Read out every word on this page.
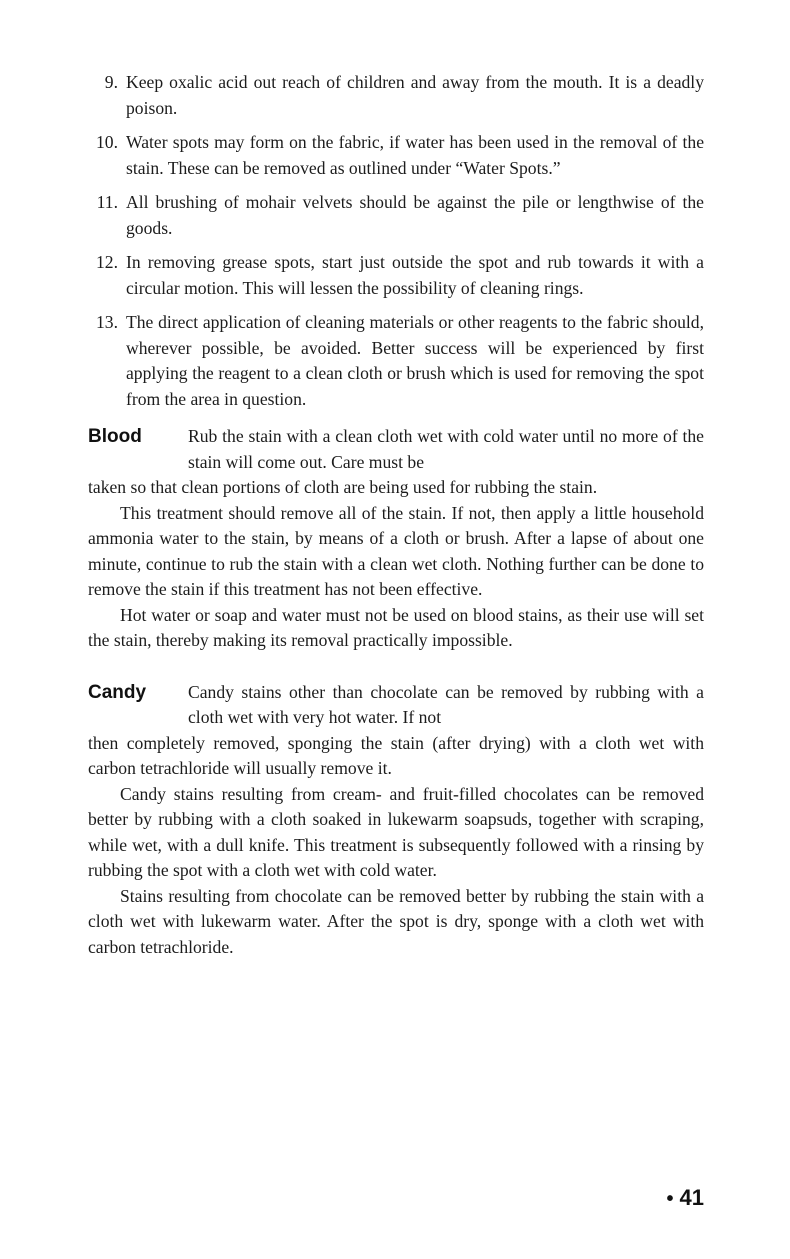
9. Keep oxalic acid out reach of children and away from the mouth. It is a deadly poison.
10. Water spots may form on the fabric, if water has been used in the removal of the stain. These can be removed as outlined under “Water Spots.”
11. All brushing of mohair velvets should be against the pile or lengthwise of the goods.
12. In removing grease spots, start just outside the spot and rub towards it with a circular motion. This will lessen the possibility of cleaning rings.
13. The direct application of cleaning materials or other reagents to the fabric should, wherever possible, be avoided. Better success will be experienced by first applying the reagent to a clean cloth or brush which is used for removing the spot from the area in question.
Blood	Rub the stain with a clean cloth wet with cold water until no more of the stain will come out. Care must be

taken so that clean portions of cloth are being used for rubbing the stain.

This treatment should remove all of the stain. If not, then apply a little household ammonia water to the stain, by means of a cloth or brush. After a lapse of about one minute, continue to rub the stain with a clean wet cloth. Nothing further can be done to remove the stain if this treatment has not been effective.

Hot water or soap and water must not be used on blood stains, as their use will set the stain, thereby making its removal practically impossible.

Candy Candy stains other than chocolate can be removed by rubbing with a cloth wet with very hot water. If not

then completely removed, sponging the stain (after drying) with a cloth wet with carbon tetrachloride will usually remove it.

Candy stains resulting from cream- and fruit-filled chocolates can be removed better by rubbing with a cloth soaked in lukewarm soapsuds, together with scraping, while wet, with a dull knife. This treatment is subsequently followed with a rinsing by rubbing the spot with a cloth wet with cold water.

Stains resulting from chocolate can be removed better by rubbing the stain with a cloth wet with lukewarm water. After the spot is dry, sponge with a cloth wet with carbon tetrachloride.

• 41
